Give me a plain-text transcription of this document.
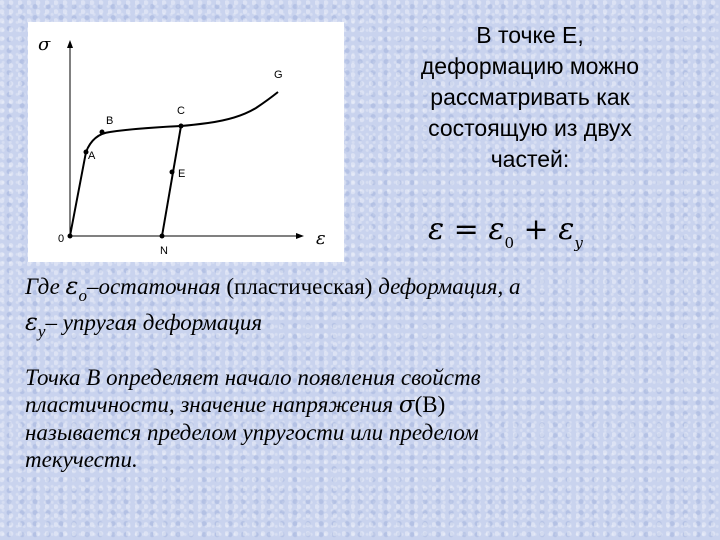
σ
ε
0
A
B
C
E
G
N
В точке Е,
деформацию можно
рассматривать как
состоящую из двух
частей:
$\varepsilon = \varepsilon_0 + \varepsilon_y$

Где $\varepsilon_o$–остаточная (пластическая) деформация, а

$\varepsilon_y-$ упругая деформация

Точка В определяет начало появления свойств

пластичности, значение напряжения σ(B)

называется пределом упругости или пределом

текучести.
